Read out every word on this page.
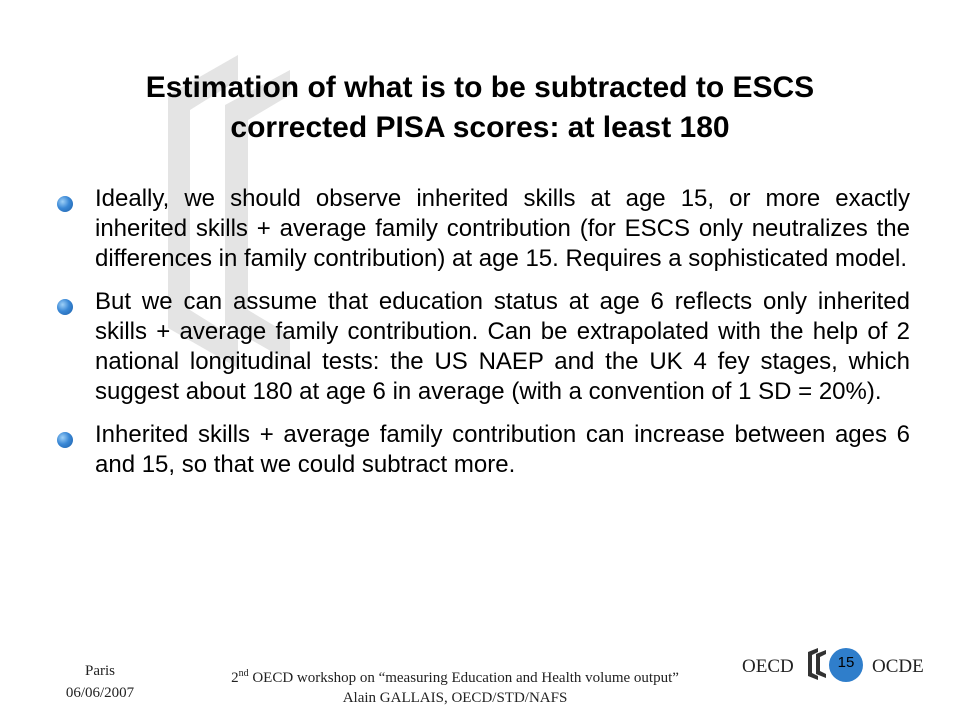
Estimation of what is to be subtracted to ESCS
corrected PISA scores: at least 180
Ideally, we should observe inherited skills at age 15, or more exactly inherited skills + average family contribution (for ESCS only neutralizes the differences in family contribution) at age 15. Requires a sophisticated model.
But we can assume that education status at age 6 reflects only inherited skills + average family contribution. Can be extrapolated with the help of 2 national longitudinal tests: the US NAEP and the UK 4 fey stages, which suggest about 180 at age 6 in average (with a convention of 1 SD = 20%).
Inherited skills + average family contribution can increase between ages 6 and 15, so that we could subtract more.
Paris
06/06/2007
2nd OECD workshop on “measuring Education and Health volume output”
Alain GALLAIS, OECD/STD/NAFS
OECD	15 OCDE
